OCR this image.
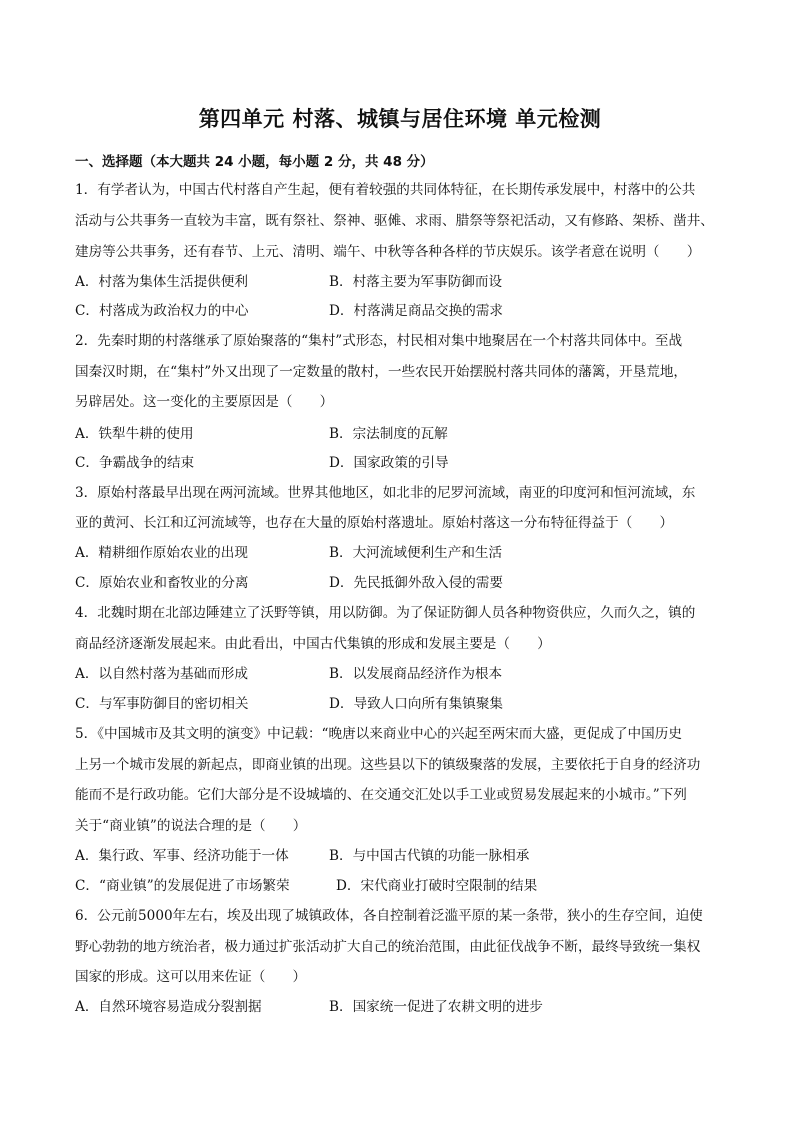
第四单元 村落、城镇与居住环境 单元检测
一、选择题（本大题共 24 小题，每小题 2 分，共 48 分）
1．有学者认为，中国古代村落自产生起，便有着较强的共同体特征，在长期传承发展中，村落中的公共
活动与公共事务一直较为丰富，既有祭社、祭神、驱傩、求雨、腊祭等祭祀活动，又有修路、架桥、凿井、
建房等公共事务，还有春节、上元、清明、端午、中秋等各种各样的节庆娱乐。该学者意在说明（　　）
A．村落为集体生活提供便利	B．村落主要为军事防御而设
C．村落成为政治权力的中心	D．村落满足商品交换的需求
2．先秦时期的村落继承了原始聚落的“集村”式形态，村民相对集中地聚居在一个村落共同体中。至战
国秦汉时期，在“集村”外又出现了一定数量的散村，一些农民开始摆脱村落共同体的藩篱，开垦荒地，
另辟居处。这一变化的主要原因是（　　）
A．铁犁牛耕的使用	B．宗法制度的瓦解
C．争霸战争的结束	D．国家政策的引导
3．原始村落最早出现在两河流域。世界其他地区，如北非的尼罗河流域，南亚的印度河和恒河流域，东
亚的黄河、长江和辽河流域等，也存在大量的原始村落遗址。原始村落这一分布特征得益于（　　）
A．精耕细作原始农业的出现	B．大河流域便利生产和生活
C．原始农业和畜牧业的分离	D．先民抵御外敌入侵的需要
4．北魏时期在北部边陲建立了沃野等镇，用以防御。为了保证防御人员各种物资供应，久而久之，镇的
商品经济逐渐发展起来。由此看出，中国古代集镇的形成和发展主要是（　　）
A．以自然村落为基础而形成	B．以发展商品经济作为根本
C．与军事防御目的密切相关	D．导致人口向所有集镇聚集
5．《中国城市及其文明的演变》中记载：“晚唐以来商业中心的兴起至两宋而大盛，更促成了中国历史
上另一个城市发展的新起点，即商业镇的出现。这些县以下的镇级聚落的发展，主要依托于自身的经济功
能而不是行政功能。它们大部分是不设城墙的、在交通交汇处以手工业或贸易发展起来的小城市。”下列
关于“商业镇”的说法合理的是（　　）
A．集行政、军事、经济功能于一体	B．与中国古代镇的功能一脉相承
C．“商业镇”的发展促进了市场繁荣	D．宋代商业打破时空限制的结果
6．公元前5000年左右，埃及出现了城镇政体，各自控制着泛滥平原的某一条带，狭小的生存空间，迫使
野心勃勃的地方统治者，极力通过扩张活动扩大自己的统治范围，由此征伐战争不断，最终导致统一集权
国家的形成。这可以用来佐证（　　）
A．自然环境容易造成分裂割据	B．国家统一促进了农耕文明的进步
